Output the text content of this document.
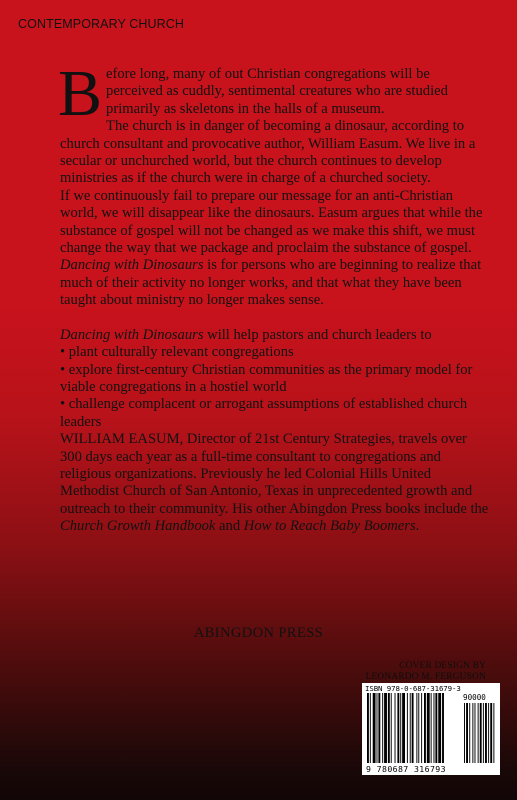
CONTEMPORARY CHURCH

Before long, many of out Christian congregations will be perceived as cuddly, sentimental creatures who are studied primarily as skeletons in the halls of a museum.

The church is in danger of becoming a dinosaur, according to church consultant and provocative author, William Easum. We live in a secular or unchurched world, but the church continues to develop ministries as if the church were in charge of a churched society.

If we continuously fail to prepare our message for an anti-Christian world, we will disappear like the dinosaurs. Easum argues that while the substance of gospel will not be changed as we make this shift, we must change the way that we package and proclaim the substance of gospel.

Dancing with Dinosaurs is for persons who are beginning to realize that much of their activity no longer works, and that what they have been taught about ministry no longer makes sense.

Dancing with Dinosaurs will help pastors and church leaders to

• plant culturally relevant congregations

• explore first-century Christian communities as the primary model for viable congregations in a hostiel world

• challenge complacent or arrogant assumptions of established church leaders

WILLIAM EASUM, Director of 21st Century Strategies, travels over 300 days each year as a full-time consultant to congregations and religious organizations. Previously he led Colonial Hills United Methodist Church of San Antonio, Texas in unprecedented growth and outreach to their community. His other Abingdon Press books include the Church Growth Handbook and How to Reach Baby Boomers.

ABINGDON PRESS
COVER DESIGN BY
LEONARDO M. FERGUSON
ISBN 978-0-687-31679-3
90000
9 780687 316793
